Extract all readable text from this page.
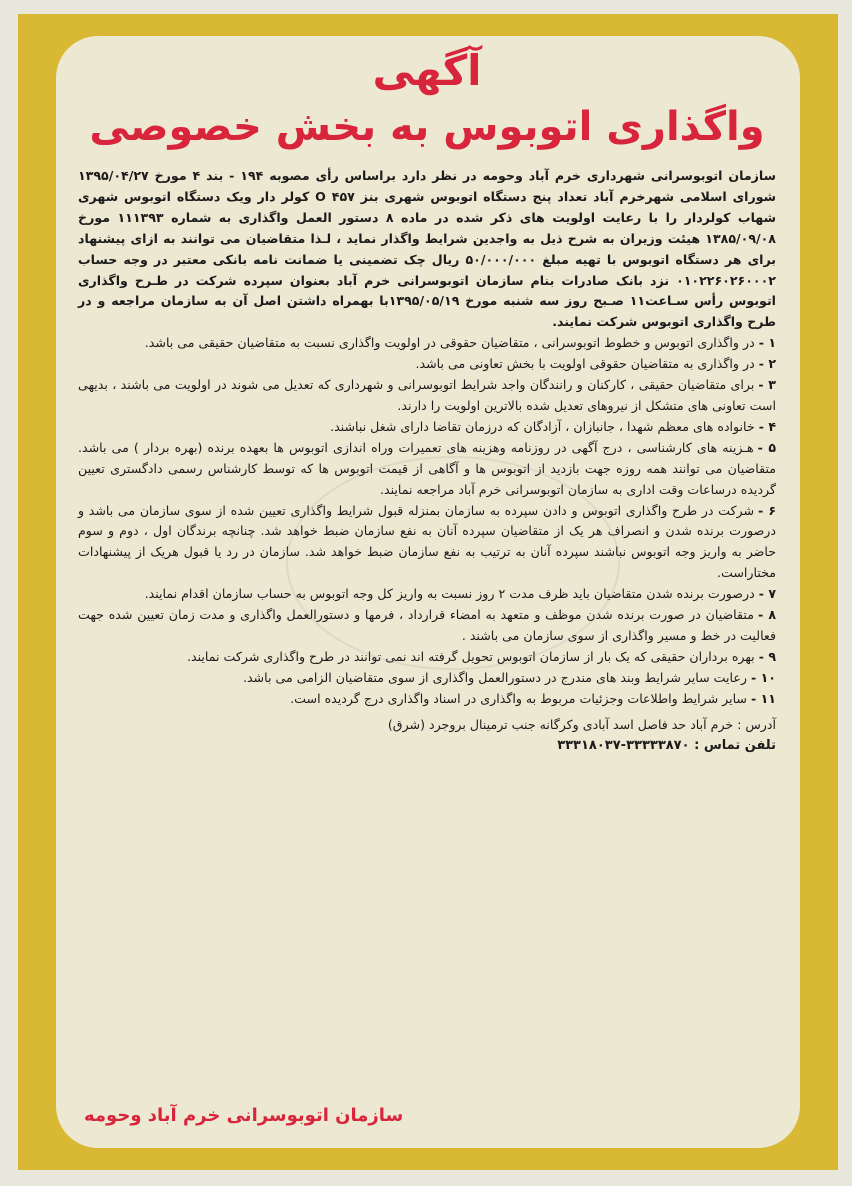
آگهی
واگذاری اتوبوس به بخش خصوصی

سازمان اتوبوسرانی شهرداری خرم آباد وحومه در نظر دارد براساس رأی مصوبه ۱۹۴ - بند ۴ مورخ ۱۳۹۵/۰۴/۲۷ شورای اسلامی شهرخرم آباد تعداد پنج دستگاه اتوبوس شهری بنز O ۴۵۷ کولر دار ویک دستگاه اتوبوس شهری شهاب کولردار را با رعایت اولویت های ذکر شده در ماده ۸ دستور العمل واگذاری به شماره ۱۱۱۳۹۳ مورخ ۱۳۸۵/۰۹/۰۸ هیئت وزیران به شرح ذیل به واجدین شرایط واگذار نماید ، لـذا متقاضیان می توانند به ازای پیشنهاد برای هر دستگاه اتوبوس با تهیه مبلغ ۵۰/۰۰۰/۰۰۰ ریال چک تضمینی یا ضمانت نامه بانکی معتبر در وجه حساب ۰۱۰۲۲۶۰۲۶۰۰۰۲ نزد بانک صادرات بنام سازمان اتوبوسرانی خرم آباد بعنوان سپرده شرکت در طـرح واگذاری اتوبوس رأس سـاعت۱۱ صـبح روز سه شنبه مورخ ۱۳۹۵/۰۵/۱۹با بهمراه داشتن اصل آن به سازمان مراجعه و در طرح واگذاری اتوبوس شرکت نمایند.

۱ -در واگذاری اتوبوس و خطوط اتوبوسرانی ، متقاضیان حقوقی در اولویت واگذاری نسبت به متقاضیان حقیقی می باشد.
۲ -در واگذاری به متقاضیان حقوقی اولویت با بخش تعاونی می باشد.
۳ -برای متقاضیان حقیقی ، کارکنان و رانندگان واجد شرایط اتوبوسرانی و شهرداری که تعدیل می شوند در اولویت می باشند ، بدیهی است تعاونی های متشکل از نیروهای تعدیل شده بالاترین اولویت را دارند.
۴ -خانواده های معظم شهدا ، جانبازان ، آزادگان که درزمان تقاضا دارای شغل نباشند.
۵ -هـزینه های کارشناسی ، درج آگهی در روزنامه وهزینه های تعمیرات وراه اندازی اتوبوس ها بعهده برنده (بهره بردار ) می باشد. متقاضیان می توانند همه روزه جهت بازدید از اتوبوس ها و آگاهی از قیمت اتوبوس ها که توسط کارشناس رسمی دادگستری تعیین گردیده درساعات وقت اداری به سازمان اتوبوسرانی خرم آباد مراجعه نمایند.
۶ -شرکت در طرح واگذاری اتوبوس و دادن سپرده به سازمان بمنزله قبول شرایط واگذاری تعیین شده از سوی سازمان می باشد و درصورت برنده شدن و انصراف هر یک از متقاضیان سپرده آنان به نفع سازمان ضبط خواهد شد. چنانچه برندگان اول ، دوم و سوم حاضر به واریز وجه اتوبوس نباشند سپرده آنان به ترتیب به نفع سازمان ضبط خواهد شد. سازمان در رد یا قبول هریک از پیشنهادات مختاراست.
۷ -درصورت برنده شدن متقاضیان باید ظرف مدت ۲ روز نسبت به واریز کل وجه اتوبوس به حساب سازمان اقدام نمایند.
۸ -متقاضیان در صورت برنده شدن موظف و متعهد به امضاء قرارداد ، فرمها و دستورالعمل واگذاری و مدت زمان تعیین شده جهت فعالیت در خط و مسیر واگذاری از سوی سازمان می باشند .
۹ -بهره برداران حقیقی که یک بار از سازمان اتوبوس تحویل گرفته اند نمی توانند در طرح واگذاری شرکت نمایند.
۱۰ -رعایت سایر شرایط وبند های مندرج در دستورالعمل واگذاری از سوی متقاضیان الزامی می باشد.
۱۱ -سایر شرایط واطلاعات وجزئیات مربوط به واگذاری در اسناد واگذاری درج گردیده است.

آدرس : خرم آباد حد فاصل اسد آبادی وکرگانه جنب ترمینال بروجرد (شرق)

تلفن تماس : ۳۳۳۳۳۸۷۰-۳۳۳۱۸۰۳۷

سازمان اتوبوسرانی خرم آباد وحومه
